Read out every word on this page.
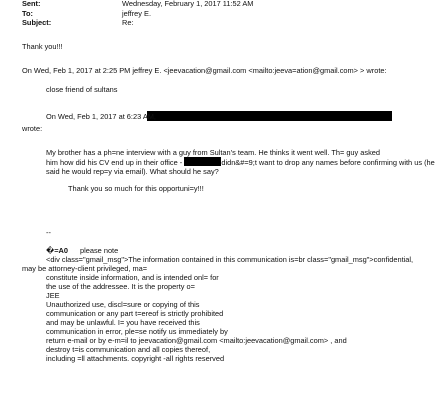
Sent:	Wednesday, February 1, 2017 11:52 AM
To:	jeffrey E.
Subject:	Re:
Thank you!!!
On Wed, Feb 1, 2017 at 2:25 PM jeffrey E. <jeevacation@gmail.com <mailto:jeeva=ation@gmail.com> > wrote:
close friend of sultans
On Wed, Feb 1, 2017 at 6:23 AM,
wrote:
My brother has a ph=ne interview with a guy from Sultan's team. He thinks it went well. Th= guy asked
him how did his CV end up in their office -	didn&#=9;t want to drop any names before confirming with us (he
said he would rep=y via email). What should he say?
Thank you so much for this opportuni=y!!!
--
�=A0 please note
<div class="gmail_msg">The information contained in this communication is=br class="gmail_msg">confidential,
may be attorney-client privileged, ma=
constitute inside information, and is intended onl= for
the use of the addressee. It is the property o=
JEE
Unauthorized use, discl=sure or copying of this
communication or any part t=ereof is strictly prohibited
and may be unlawful. I= you have received this
communication in error, ple=se notify us immediately by
return e-mail or by e-m=il to jeevacation@gmail.com <mailto:jeevacation@gmail.com> , and
destroy t=is communication and all copies thereof,
including =ll attachments. copyright -all rights reserved
